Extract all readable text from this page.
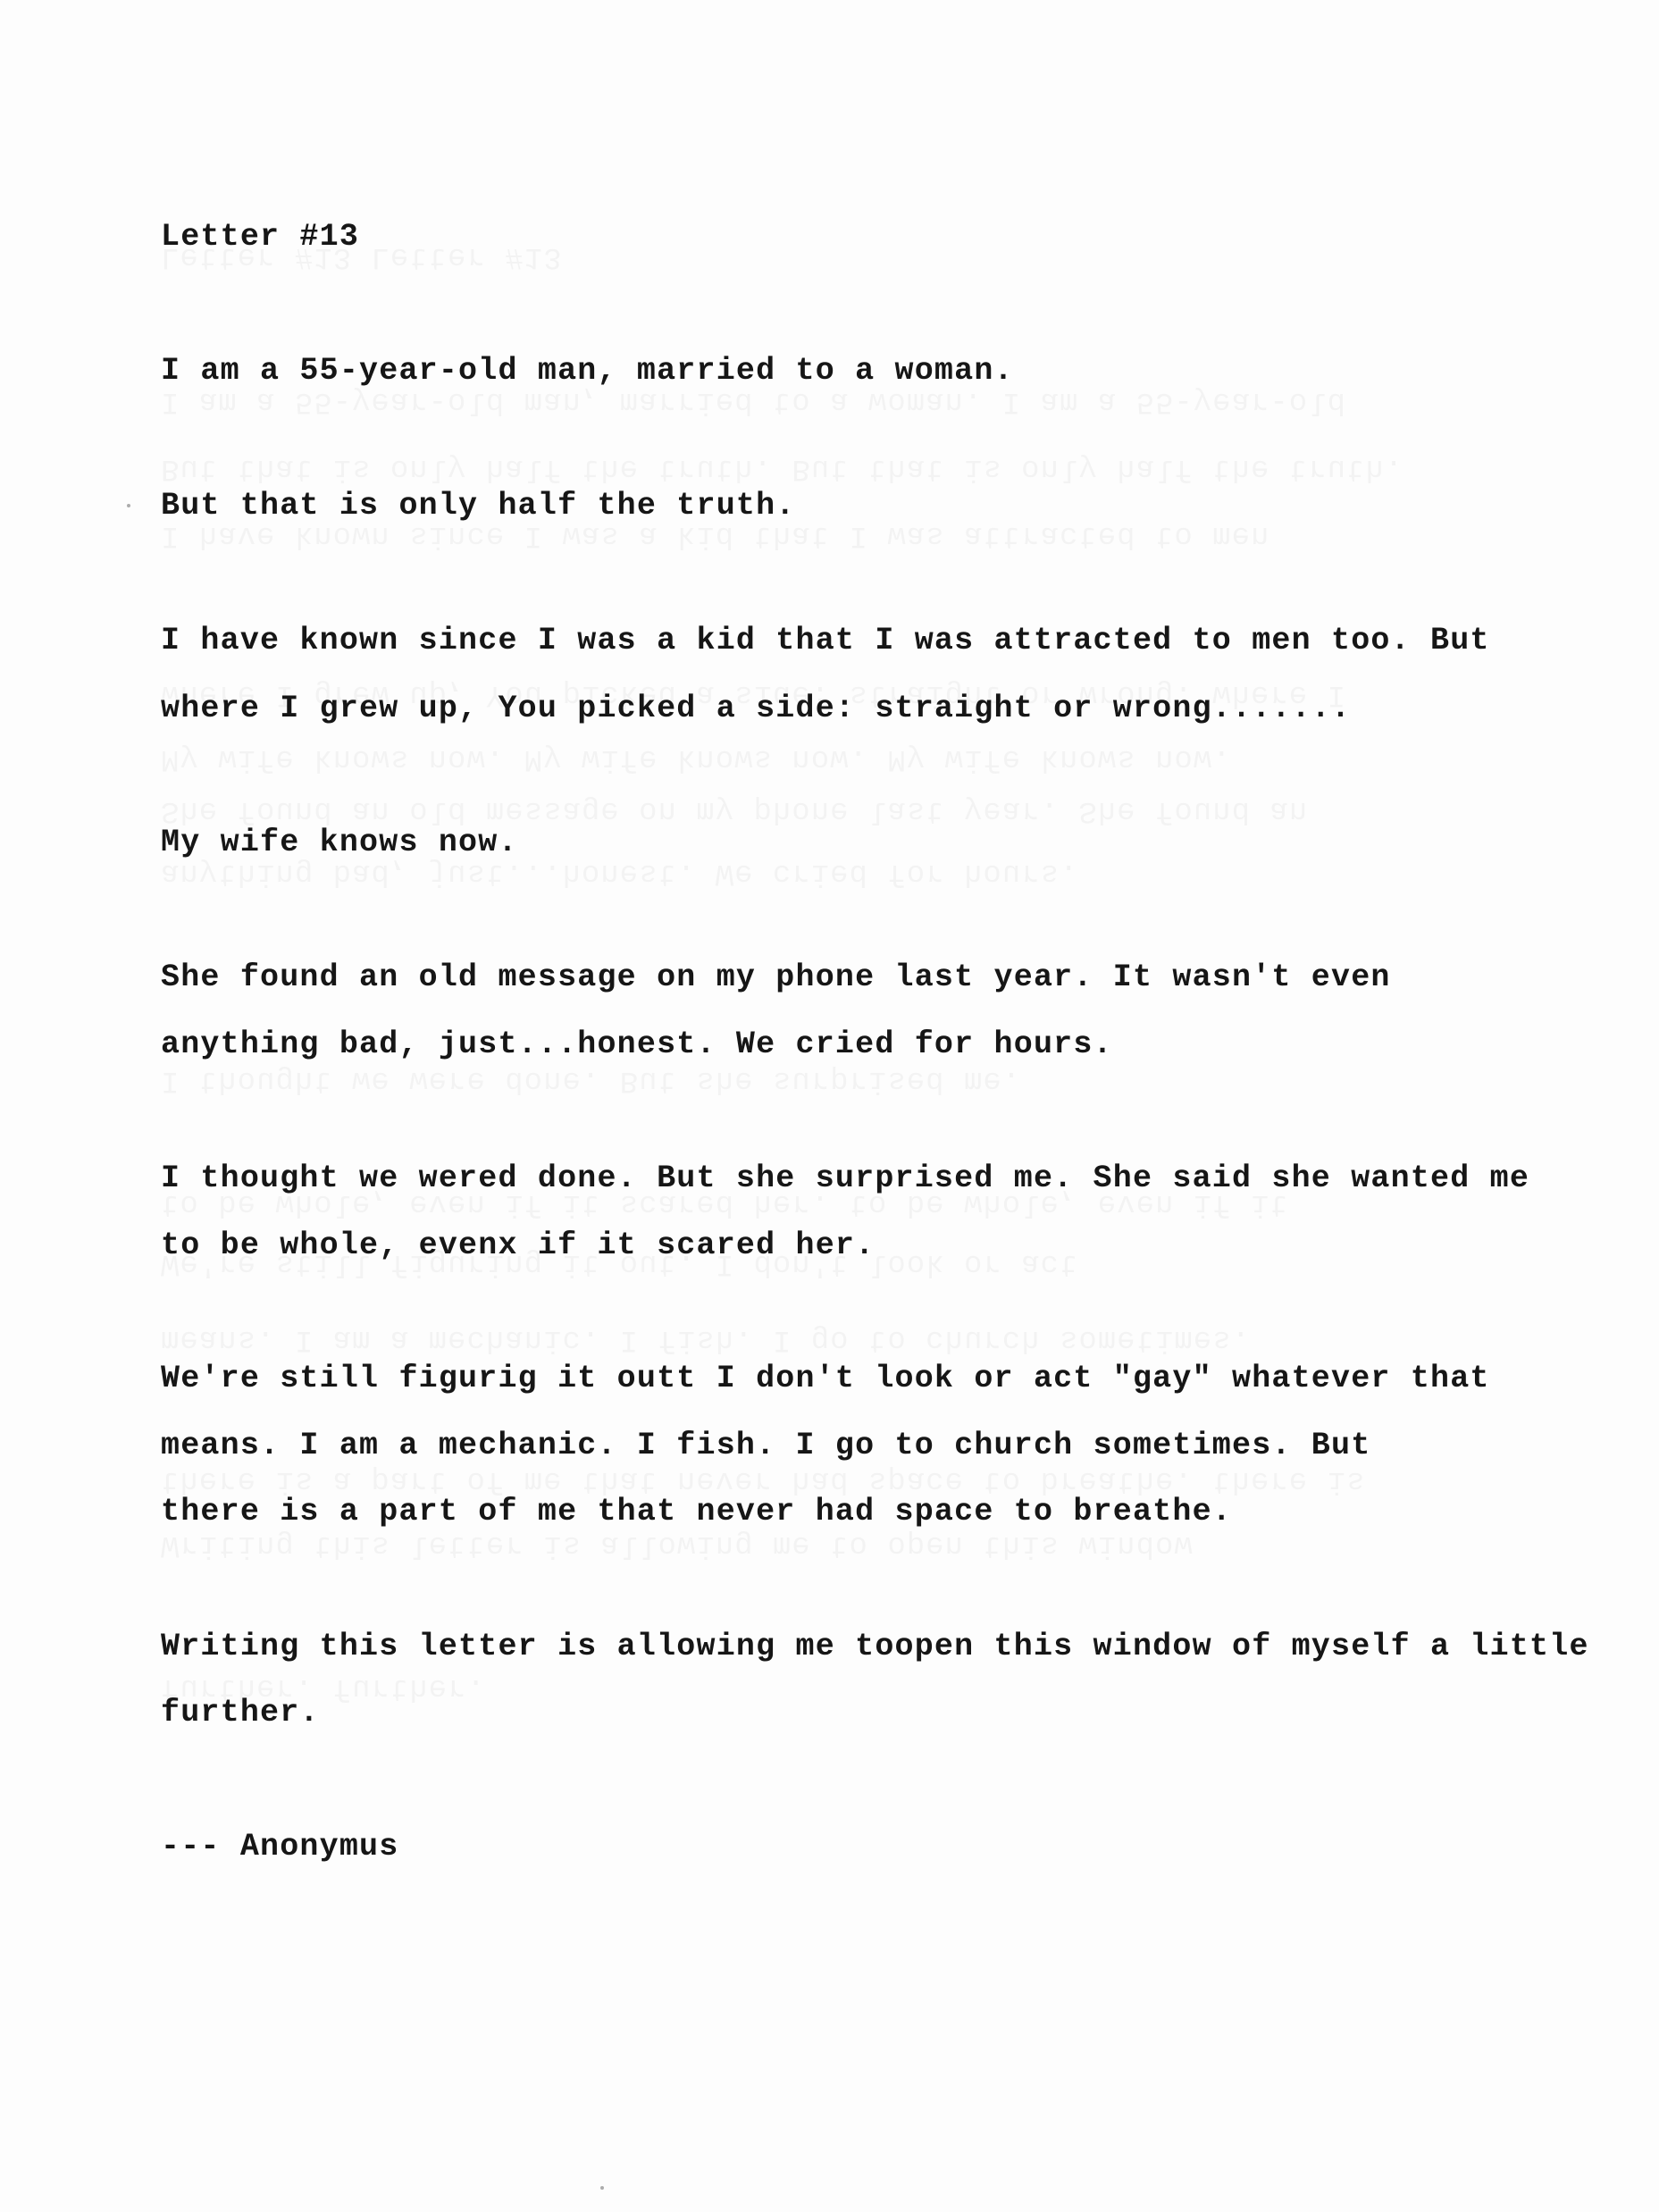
Letter #13
I am a 55-year-old man, married to a woman.
But that is only half the truth.
I have known since I was a kid that I was attracted to men too. But
where I grew up, You picked a side: straight or wrong.......
My wife knows now.
She found an old message on my phone last year. It wasn't even
anything bad, just...honest. We cried for hours.
I thought we wered done. But she surprised me. She said she wanted me
to be whole, evenx if it scared her.
We're still figurig it outt I don't look or act "gay" whatever that
means. I am a mechanic. I fish. I go to church sometimes. But
there is a part of me that never had space to breathe.
Writing this letter is allowing me toopen this window of myself a little
further.
--- Anonymus
